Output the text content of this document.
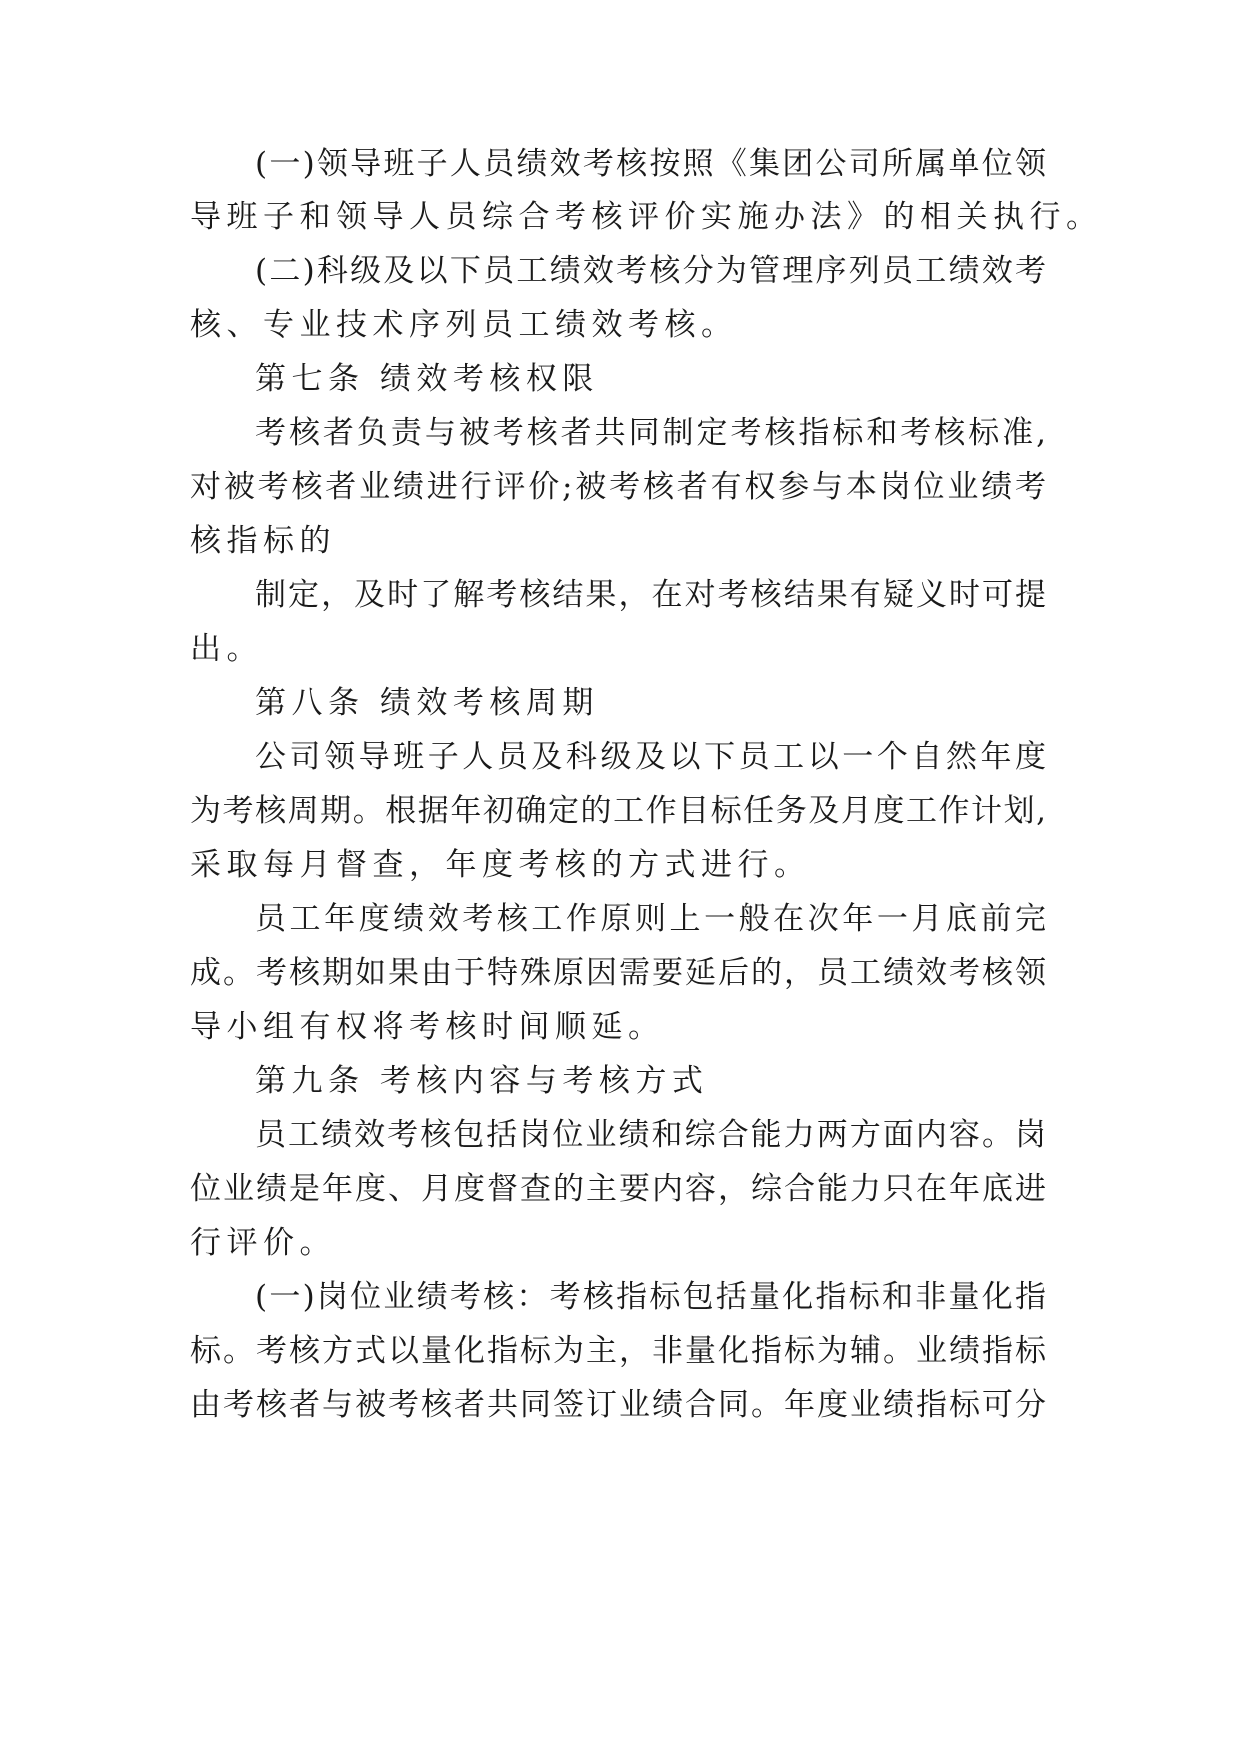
(一)领导班子人员绩效考核按照《集团公司所属单位领

导班子和领导人员综合考核评价实施办法》的相关执行。

(二)科级及以下员工绩效考核分为管理序列员工绩效考

核、专业技术序列员工绩效考核。

第七条 绩效考核权限

考核者负责与被考核者共同制定考核指标和考核标准,

对被考核者业绩进行评价;被考核者有权参与本岗位业绩考

核指标的

制定，及时了解考核结果，在对考核结果有疑义时可提

出。

第八条 绩效考核周期

公司领导班子人员及科级及以下员工以一个自然年度

为考核周期。根据年初确定的工作目标任务及月度工作计划,

采取每月督查，年度考核的方式进行。

员工年度绩效考核工作原则上一般在次年一月底前完

成。考核期如果由于特殊原因需要延后的，员工绩效考核领

导小组有权将考核时间顺延。

第九条 考核内容与考核方式

员工绩效考核包括岗位业绩和综合能力两方面内容。岗

位业绩是年度、月度督查的主要内容，综合能力只在年底进

行评价。

(一)岗位业绩考核：考核指标包括量化指标和非量化指

标。考核方式以量化指标为主，非量化指标为辅。业绩指标

由考核者与被考核者共同签订业绩合同。年度业绩指标可分
